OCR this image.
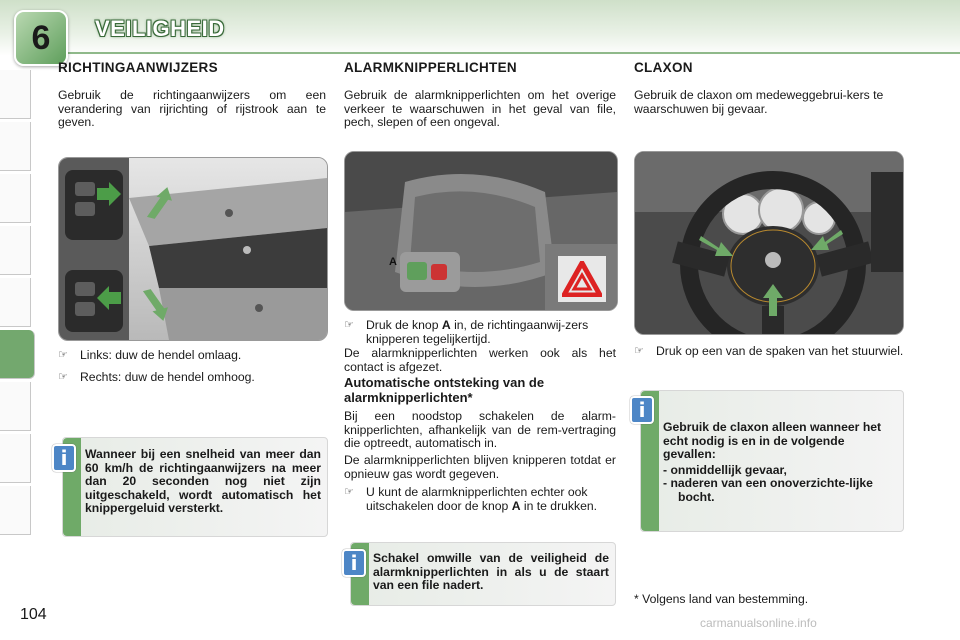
6	VEILIGHEID
RICHTINGAANWIJZERS

Gebruik de richtingaanwijzers om een verandering van rijrichting of rijstrook aan te geven.

☞ Links: duw de hendel omlaag.
☞ Rechts: duw de hendel omhoog.
Wanneer bij een snelheid van meer dan 60 km/h de richtingaanwijzers na meer dan 20 seconden nog niet zijn uitgeschakeld, wordt automatisch het knippergeluid versterkt.
i
ALARMKNIPPERLICHTEN

Gebruik de alarmknipperlichten om het overige verkeer te waarschuwen in het geval van file, pech, slepen of een ongeval.

A
☞ Druk de knop A in, de richtingaanwij-zers knipperen tegelijkertijd.

De alarmknipperlichten werken ook als het contact is afgezet.

Automatische ontsteking van de alarmknipperlichten*

Bij een noodstop schakelen de alarm-knipperlichten, afhankelijk van de rem-vertraging die optreedt, automatisch in.

De alarmknipperlichten blijven knipperen totdat er opnieuw gas wordt gegeven.

☞ U kunt de alarmknipperlichten echter ook uitschakelen door de knop A in te drukken.
Schakel omwille van de veiligheid de alarmknipperlichten in als u de staart van een file nadert.
i
CLAXON

Gebruik de claxon om medeweggebrui-kers te waarschuwen bij gevaar.

☞ Druk op een van de spaken van het stuurwiel.
Gebruik de claxon alleen wanneer het echt nodig is en in de volgende gevallen:
- onmiddellijk gevaar,
- naderen van een onoverzichte-lijke bocht.
i
* Volgens land van bestemming.
104	carmanualsonline.info
